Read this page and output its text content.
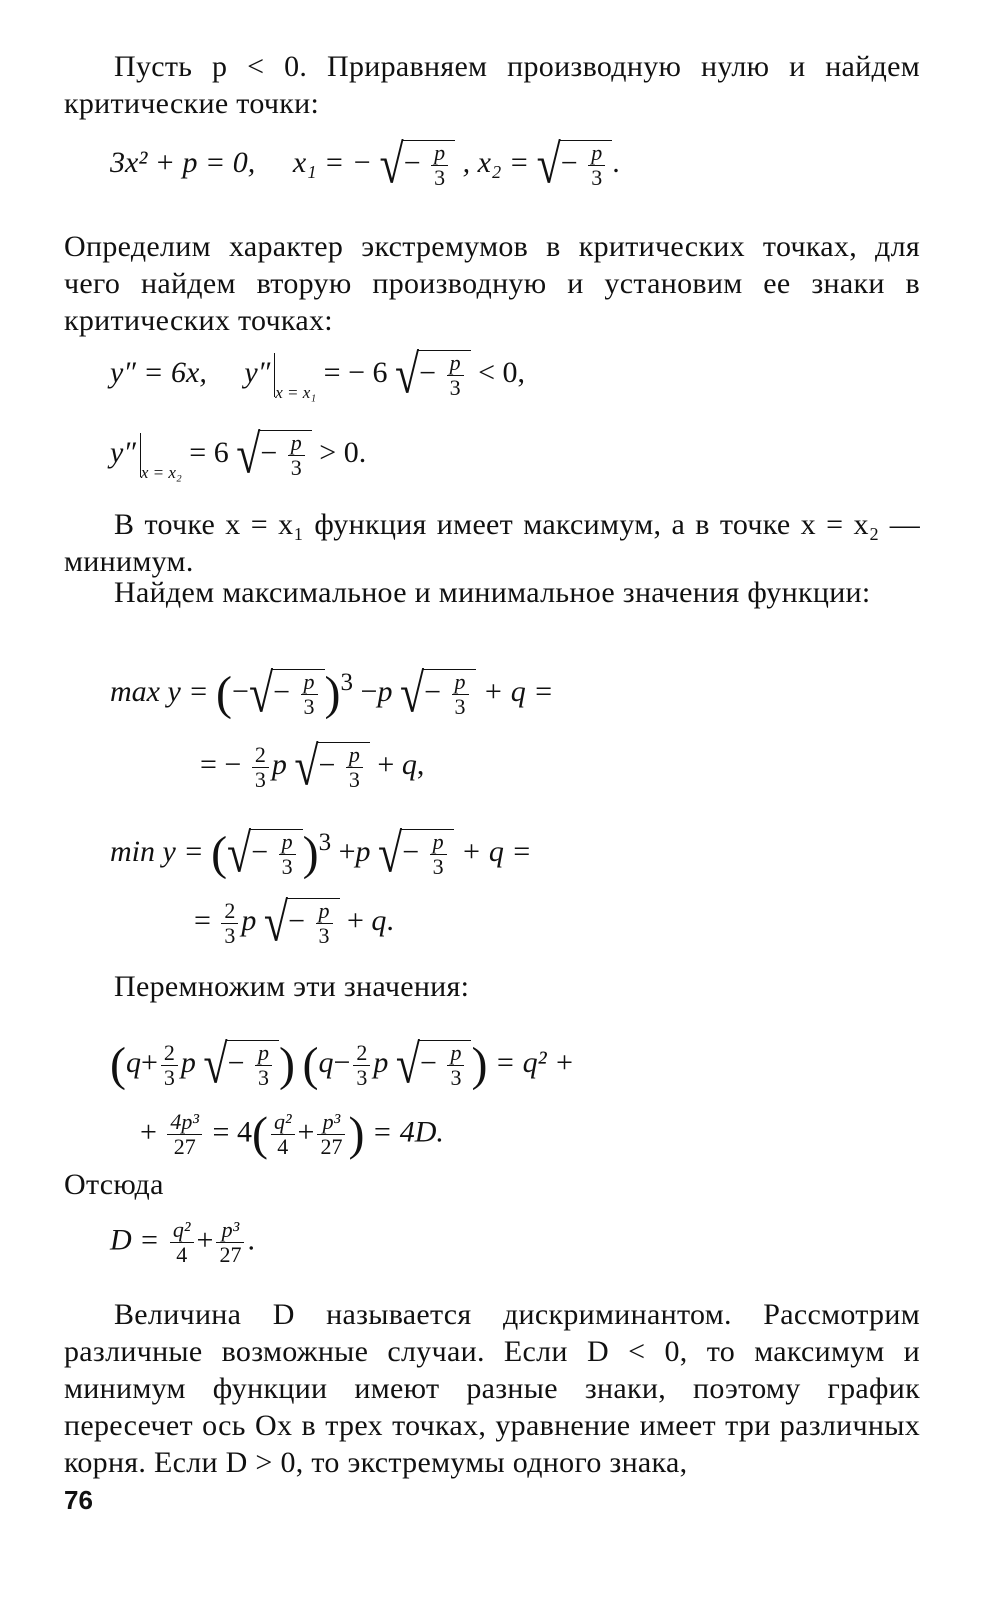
Пусть p < 0. Приравняем производную нулю и найдем критические точки:

3x² + p = 0, x₁ = − √− $\frac{p}{3}$ , x₂ = √− $\frac{p}{3}$ .

Определим характер экстремумов в критических точках, для чего найдем вторую производную и установим ее знаки в критических точках:

y″ = 6x, $y''_{x = x_1}$ = − 6 √− $\frac{p}{3} < 0$,
$y''_{x = x_2} = 6$ √− $\frac{p}{3} > 0$.

В точке x = x₁ функция имеет максимум, а в точке x = x₂ — минимум.

Найдем максимальное и минимальное значения функции:

max y = (−√− $\frac{p}{3} )^3 -p$ √− $\frac{p}{3} + q$ =
= − $\frac{2}{3}$ p √− $\frac{p}{3} + q$,
min y = (√− $\frac{p}{3} )^3 +p$ √− $\frac{p}{3} + q$ =
= $\frac{2}{3}$ p √− $\frac{p}{3} + q$.

Перемножим эти значения:

($q+ \frac{2}{3}$ p √− $\frac{p}{3}$ ) ($q- \frac{2}{3}$ p √− $\frac{p}{3}$ ) = q² +
+ $\frac{\text{4p³}}{27} = 4( \frac{\text{q²}}{4} + \frac{\text{p³}}{27}$ ) = 4D.

Отсюда

$D = \frac{\text{q²}}{4} + \frac{\text{p³}}{27}$ .

Величина D называется дискриминантом. Рассмотрим различные возможные случаи. Если D < 0, то максимум и минимум функции имеют разные знаки, поэтому график пересечет ось Ox в трех точках, уравнение имеет три различных корня. Если D > 0, то экстремумы одного знака,

76
